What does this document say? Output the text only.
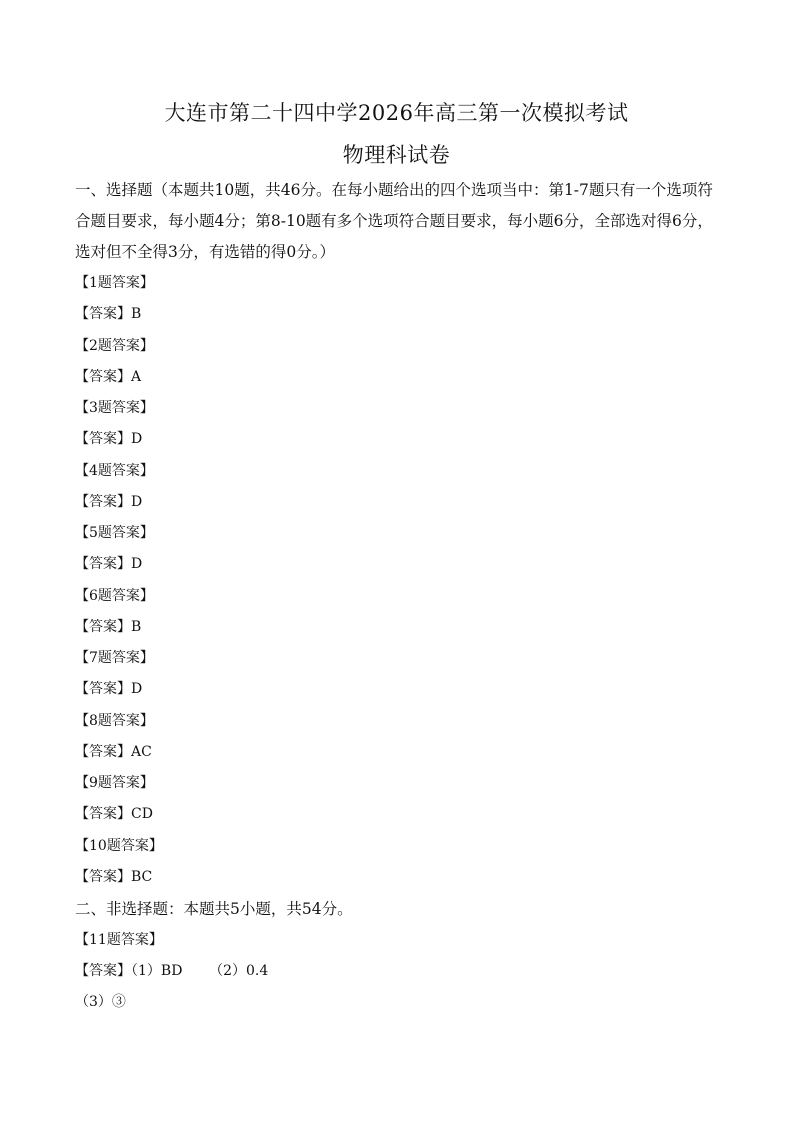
大连市第二十四中学2026年高三第一次模拟考试
物理科试卷

一、选择题（本题共10题，共46分。在每小题给出的四个选项当中：第1-7题只有一个选项符合题目要求，每小题4分；第8-10题有多个选项符合题目要求，每小题6分，全部选对得6分，选对但不全得3分，有选错的得0分。）

【1题答案】
【答案】B
【2题答案】
【答案】A
【3题答案】
【答案】D
【4题答案】
【答案】D
【5题答案】
【答案】D
【6题答案】
【答案】B
【7题答案】
【答案】D
【8题答案】
【答案】AC
【9题答案】
【答案】CD
【10题答案】
【答案】BC
二、非选择题：本题共5小题，共54分。
【11题答案】
【答案】（1）BD      （2）0.4
（3）③
